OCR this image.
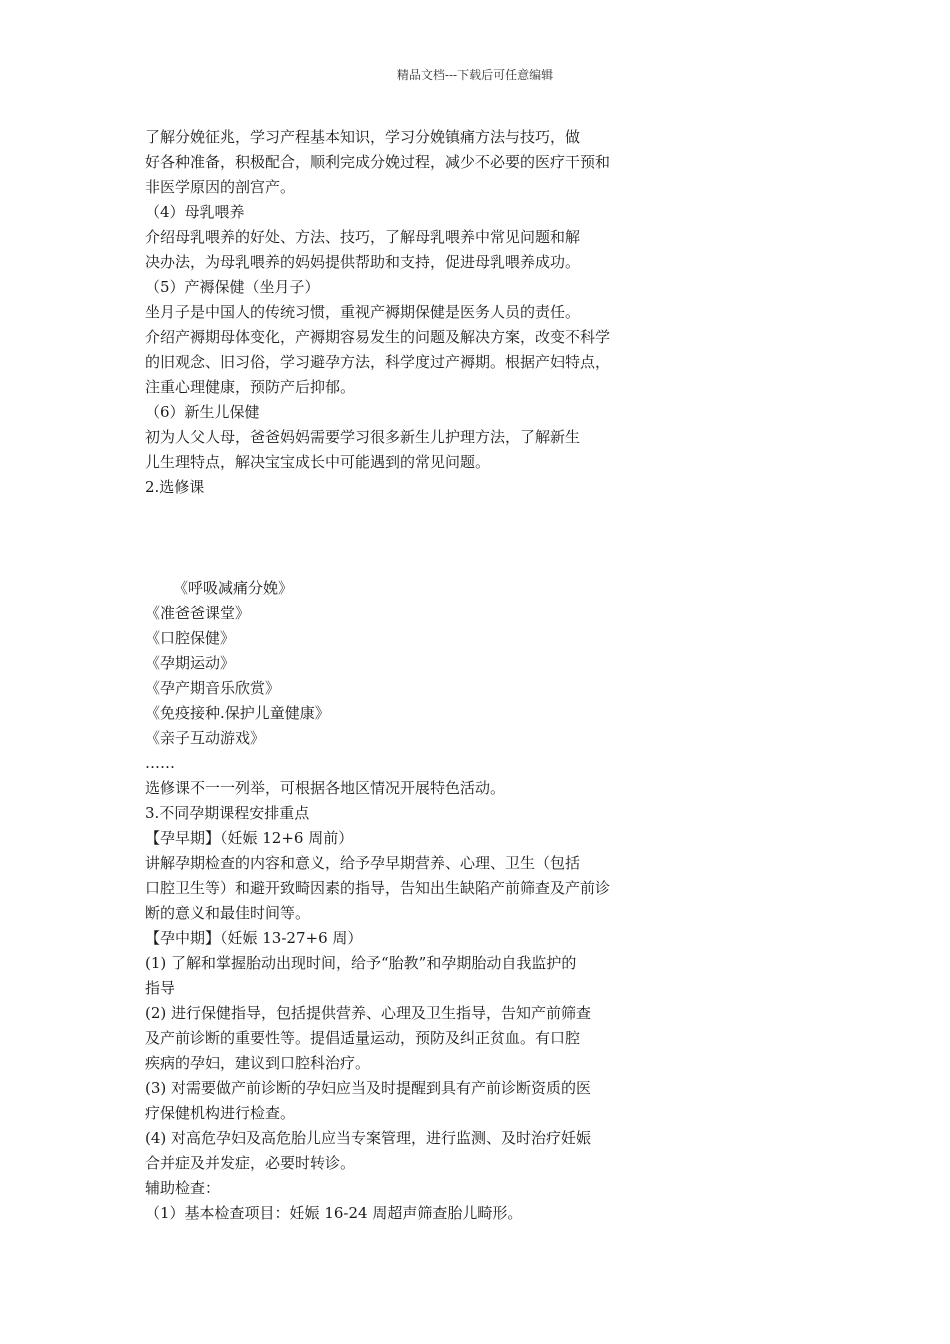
精品文档---下载后可任意编辑
了解分娩征兆，学习产程基本知识，学习分娩镇痛方法与技巧，做
好各种准备，积极配合，顺利完成分娩过程，减少不必要的医疗干预和
非医学原因的剖宫产。
（4）母乳喂养
介绍母乳喂养的好处、方法、技巧，了解母乳喂养中常见问题和解
决办法，为母乳喂养的妈妈提供帮助和支持，促进母乳喂养成功。
（5）产褥保健（坐月子）
坐月子是中国人的传统习惯，重视产褥期保健是医务人员的责任。
介绍产褥期母体变化，产褥期容易发生的问题及解决方案，改变不科学
的旧观念、旧习俗，学习避孕方法，科学度过产褥期。根据产妇特点，
注重心理健康，预防产后抑郁。
（6）新生儿保健
初为人父人母，爸爸妈妈需要学习很多新生儿护理方法，了解新生
儿生理特点，解决宝宝成长中可能遇到的常见问题。
2.选修课
《呼吸减痛分娩》
《准爸爸课堂》
《口腔保健》
《孕期运动》
《孕产期音乐欣赏》
《免疫接种.保护儿童健康》
《亲子互动游戏》
……
选修课不一一列举，可根据各地区情况开展特色活动。
3.不同孕期课程安排重点
【孕早期】（妊娠 12+6 周前）
讲解孕期检查的内容和意义，给予孕早期营养、心理、卫生（包括
口腔卫生等）和避开致畸因素的指导，告知出生缺陷产前筛查及产前诊
断的意义和最佳时间等。
【孕中期】（妊娠 13-27+6 周）
(1) 了解和掌握胎动出现时间，给予“胎教”和孕期胎动自我监护的
指导
(2) 进行保健指导，包括提供营养、心理及卫生指导，告知产前筛查
及产前诊断的重要性等。提倡适量运动，预防及纠正贫血。有口腔
疾病的孕妇，建议到口腔科治疗。
(3) 对需要做产前诊断的孕妇应当及时提醒到具有产前诊断资质的医
疗保健机构进行检查。
(4) 对高危孕妇及高危胎儿应当专案管理，进行监测、及时治疗妊娠
合并症及并发症，必要时转诊。
辅助检查：
（1）基本检查项目：妊娠 16-24 周超声筛查胎儿畸形。
